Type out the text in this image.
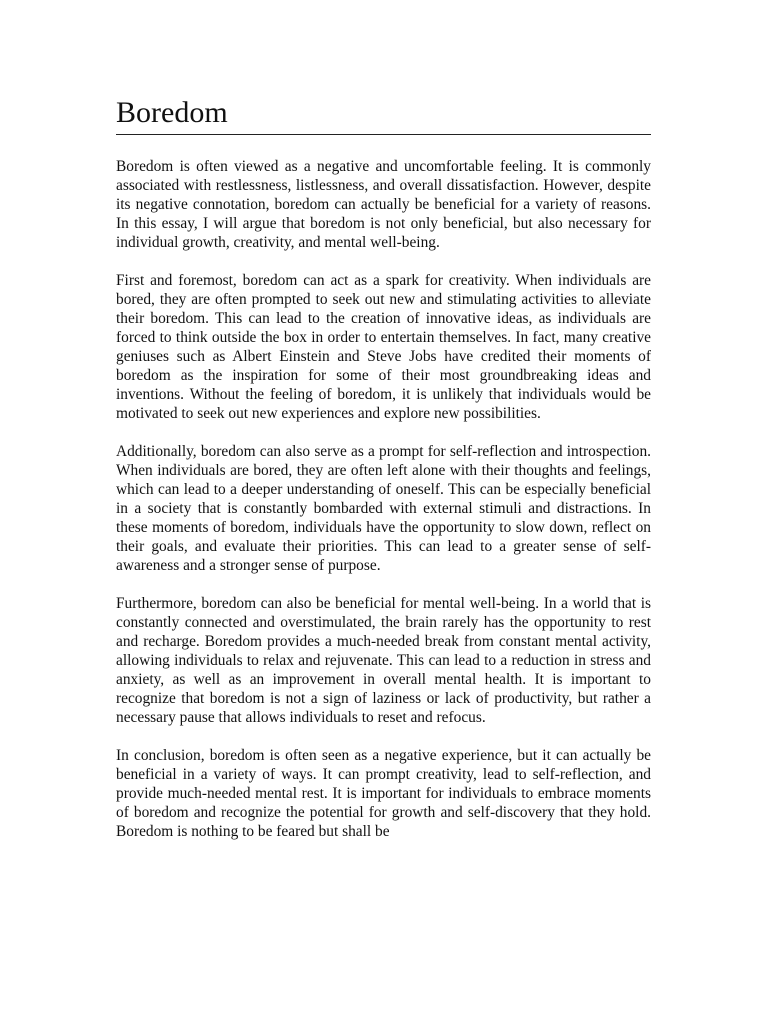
Boredom

Boredom is often viewed as a negative and uncomfortable feeling. It is commonly associated with restlessness, listlessness, and overall dissatisfaction. However, despite its negative connotation, boredom can actually be beneficial for a variety of reasons. In this essay, I will argue that boredom is not only beneficial, but also necessary for individual growth, creativity, and mental well-being.

First and foremost, boredom can act as a spark for creativity. When individuals are bored, they are often prompted to seek out new and stimulating activities to alleviate their boredom. This can lead to the creation of innovative ideas, as individuals are forced to think outside the box in order to entertain themselves. In fact, many creative geniuses such as Albert Einstein and Steve Jobs have credited their moments of boredom as the inspiration for some of their most groundbreaking ideas and inventions. Without the feeling of boredom, it is unlikely that individuals would be motivated to seek out new experiences and explore new possibilities.

Additionally, boredom can also serve as a prompt for self-reflection and introspection. When individuals are bored, they are often left alone with their thoughts and feelings, which can lead to a deeper understanding of oneself. This can be especially beneficial in a society that is constantly bombarded with external stimuli and distractions. In these moments of boredom, individuals have the opportunity to slow down, reflect on their goals, and evaluate their priorities. This can lead to a greater sense of self-awareness and a stronger sense of purpose.

Furthermore, boredom can also be beneficial for mental well-being. In a world that is constantly connected and overstimulated, the brain rarely has the opportunity to rest and recharge. Boredom provides a much-needed break from constant mental activity, allowing individuals to relax and rejuvenate. This can lead to a reduction in stress and anxiety, as well as an improvement in overall mental health. It is important to recognize that boredom is not a sign of laziness or lack of productivity, but rather a necessary pause that allows individuals to reset and refocus.

In conclusion, boredom is often seen as a negative experience, but it can actually be beneficial in a variety of ways. It can prompt creativity, lead to self-reflection, and provide much-needed mental rest. It is important for individuals to embrace moments of boredom and recognize the potential for growth and self-discovery that they hold. Boredom is nothing to be feared but shall be
